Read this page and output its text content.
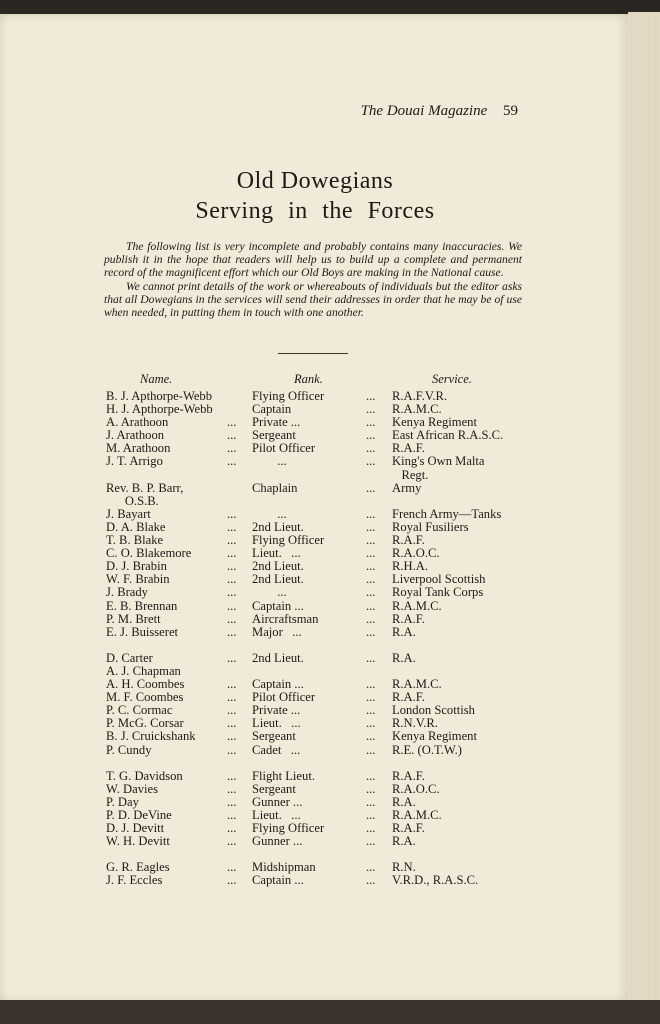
The Douai Magazine 59
Old Dowegians
Serving in the Forces

The following list is very incomplete and probably contains many inaccuracies. We publish it in the hope that readers will help us to build up a complete and permanent record of the magnificent effort which our Old Boys are making in the National cause.

We cannot print details of the work or whereabouts of individuals but the editor asks that all Dowegians in the services will send their addresses in order that he may be of use when needed, in putting them in touch with one another.

Name.	Rank.	Service.
B. J. Apthorpe-Webb	Flying Officer	... R.A.F.V.R.
H. J. Apthorpe-Webb	Captain	... R.A.M.C.
A. Arathoon	... Private ...	... Kenya Regiment
J. Arathoon	... Sergeant	... East African R.A.S.C.
M. Arathoon	... Pilot Officer	... R.A.F.
J. T. Arrigo	... ...	... King's Own Malta
Regt.
Rev. B. P. Barr,	Chaplain	... Army
O.S.B.
J. Bayart	... ...	... French Army—Tanks
D. A. Blake	... 2nd Lieut.	... Royal Fusiliers
T. B. Blake	... Flying Officer	... R.A.F.
C. O. Blakemore	... Lieut.   ...	... R.A.O.C.
D. J. Brabin	... 2nd Lieut.	... R.H.A.
W. F. Brabin	... 2nd Lieut.	... Liverpool Scottish
J. Brady	... ...	... Royal Tank Corps
E. B. Brennan	... Captain ...	... R.A.M.C.
P. M. Brett	... Aircraftsman	... R.A.F.
E. J. Buisseret	... Major   ...	... R.A.
D. Carter	... 2nd Lieut.	... R.A.
A. J. Chapman
A. H. Coombes	... Captain ...	... R.A.M.C.
M. F. Coombes	... Pilot Officer	... R.A.F.
P. C. Cormac	... Private ...	... London Scottish
P. McG. Corsar	... Lieut.   ...	... R.N.V.R.
B. J. Cruickshank ... Sergeant	... Kenya Regiment
P. Cundy	... Cadet   ...	... R.E. (O.T.W.)
T. G. Davidson	... Flight Lieut.	... R.A.F.
W. Davies	... Sergeant	... R.A.O.C.
P. Day	... Gunner ...	... R.A.
P. D. DeVine	... Lieut.   ...	... R.A.M.C.
D. J. Devitt	... Flying Officer	... R.A.F.
W. H. Devitt	... Gunner ...	... R.A.
G. R. Eagles	... Midshipman	... R.N.
J. F. Eccles	... Captain ...	... V.R.D., R.A.S.C.
